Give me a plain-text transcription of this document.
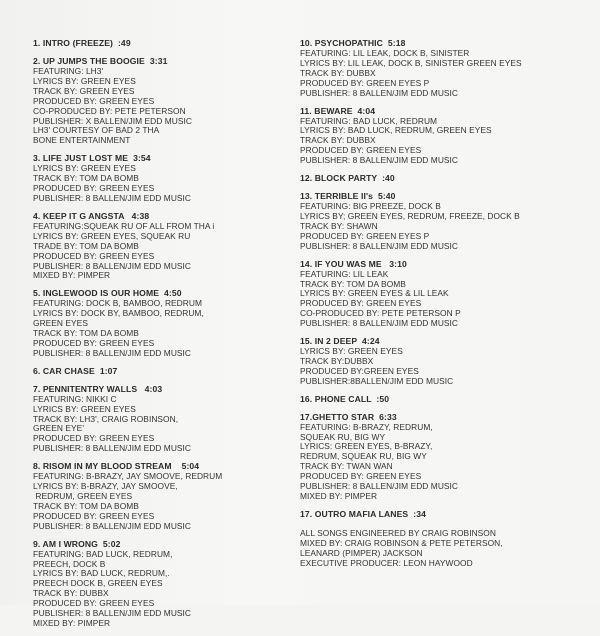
1. INTRO (FREEZE)  :49
2. UP JUMPS THE BOOGIE  3:31
FEATURING: LH3'
LYRICS BY: GREEN EYES
TRACK BY: GREEN EYES
PRODUCED BY: GREEN EYES
CO-PRODUCED BY: PETE PETERSON
PUBLISHER: X BALLEN/JIM EDD MUSIC
LH3' COURTESY OF BAD 2 THA
BONE ENTERTAINMENT
3. LIFE JUST LOST ME  3:54
LYRICS BY: GREEN EYES
TRACK BY: TOM DA BOMB
PRODUCED BY: GREEN EYES
PUBLISHER: 8 BALLEN/JIM EDD MUSIC
4. KEEP IT G ANGSTA   4:38
FEATURING:SQUEAK RU OF ALL FROM THA i
LYRICS BY: GREEN EYES, SQUEAK RU
TRADE BY: TOM DA BOMB
PRODUCED BY: GREEN EYES
PUBLISHER: 8 BALLEN/JIM EDD MUSIC
MIXED BY: PIMPER
5. INGLEWOOD IS OUR HOME  4:50
FEATURING: DOCK B, BAMBOO, REDRUM
LYRICS BY: DOCK BY, BAMBOO, REDRUM,
GREEN EYES
TRACK BY: TOM DA BOMB
PRODUCED BY: GREEN EYES
PUBLISHER: 8 BALLEN/JIM EDD MUSIC
6. CAR CHASE  1:07
7. PENNITENTRY WALLS   4:03
FEATURING: NIKKI C
LYRICS BY: GREEN EYES
TRACK BY: LH3', CRAIG ROBINSON,
GREEN EYE'
PRODUCED BY: GREEN EYES
PUBLISHER: 8 BALLEN/JIM EDD MUSIC
8. RISOM IN MY BLOOD STREAM    5:04
FEATURING: B-BRAZY, JAY SMOOVE, REDRUM
LYRICS BY: B-BRAZY, JAY SMOOVE,
REDRUM, GREEN EYES
TRACK BY: TOM DA BOMB
PRODUCED BY: GREEN EYES
PUBLISHER: 8 BALLEN/JIM EDD MUSIC
9. AM I WRONG  5:02
FEATURING: BAD LUCK, REDRUM,
PREECH, DOCK B
LYRICS BY: BAD LUCK, REDRUM,.
PREECH DOCK B, GREEN EYES
TRACK BY: DUBBX
PRODUCED BY: GREEN EYES
PUBLISHER: 8 BALLEN/JIM EDD MUSIC
MIXED BY: PIMPER
10. PSYCHOPATHIC  5:18
FEATURING: LIL LEAK, DOCK B, SINISTER
LYRICS BY: LIL LEAK, DOCK B, SINISTER GREEN EYES
TRACK BY: DUBBX
PRODUCED BY: GREEN EYES P
PUBLISHER: 8 BALLEN/JIM EDD MUSIC
11. BEWARE  4:04
FEATURING: BAD LUCK, REDRUM
LYRICS BY: BAD LUCK, REDRUM, GREEN EYES
TRACK BY: DUBBX
PRODUCED BY: GREEN EYES
PUBLISHER: 8 BALLEN/JIM EDD MUSIC
12. BLOCK PARTY  :40
13. TERRIBLE II's  5:40
FEATURING: BIG PREEZE, DOCK B
LYRICS BY; GREEN EYES, REDRUM, FREEZE, DOCK B
TRACK BY: SHAWN
PRODUCED BY: GREEN EYES P
PUBLISHER: 8 BALLEN/JIM EDD MUSIC
14. IF YOU WAS ME   3:10
FEATURING: LIL LEAK
TRACK BY: TOM DA BOMB
LYRICS BY: GREEN EYES & LIL LEAK
PRODUCED BY: GREEN EYES
CO-PRODUCED BY: PETE PETERSON P
PUBLISHER: 8 BALLEN/JIM EDD MUSIC
15. IN 2 DEEP  4:24
LYRICS BY: GREEN EYES
TRACK BY:DUBBX
PRODUCED BY:GREEN EYES
PUBLISHER:8BALLEN/JIM EDD MUSIC
16. PHONE CALL  :50
17.GHETTO STAR  6:33
FEATURING: B-BRAZY, REDRUM,
SQUEAK RU, BIG WY
LYRICS: GREEN EYES, B-BRAZY,
REDRUM, SQUEAK RU, BIG WY
TRACK BY: TWAN WAN
PRODUCED BY: GREEN EYES
PUBLISHER: 8 BALLEN/JIM EDD MUSIC
MIXED BY: PIMPER
17. OUTRO MAFIA LANES  :34
ALL SONGS ENGINEERED BY CRAIG ROBINSON
MIXED BY: CRAIG ROBINSON & PETE PETERSON,
LEANARD (PIMPER) JACKSON
EXECUTIVE PRODUCER: LEON HAYWOOD
